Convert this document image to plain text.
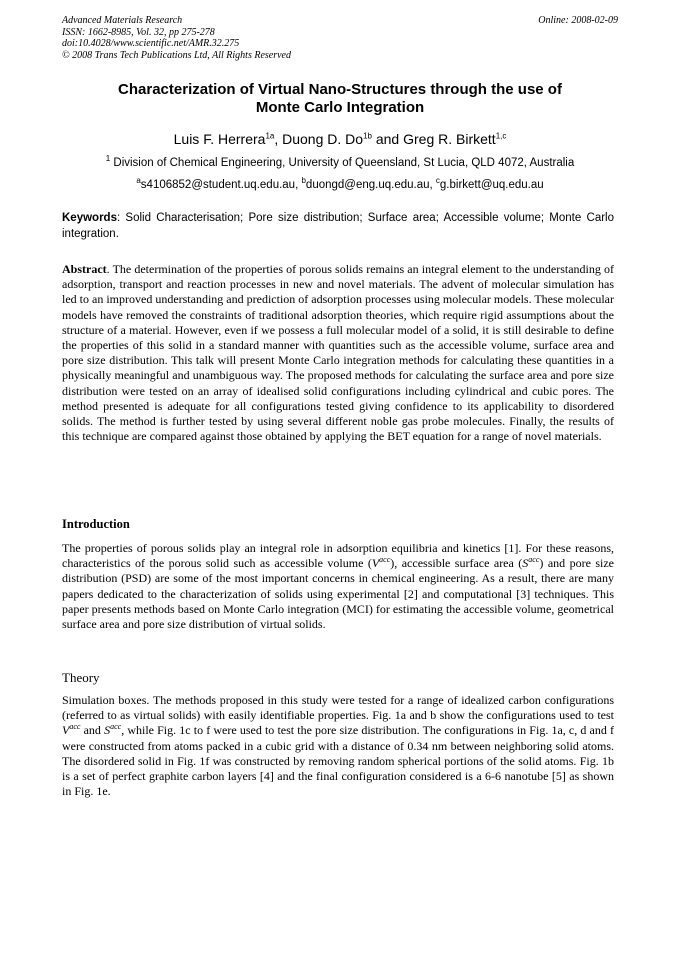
Advanced Materials Research
ISSN: 1662-8985, Vol. 32, pp 275-278
doi:10.4028/www.scientific.net/AMR.32.275
© 2008 Trans Tech Publications Ltd, All Rights Reserved
Online: 2008-02-09
Characterization of Virtual Nano-Structures through the use of
Monte Carlo Integration
Luis F. Herrera$^{1a}$, Duong D. $Do^{1b}$ and Greg R. Birkett$^{1,c}$
$^1$ Division of Chemical Engineering, University of Queensland, St Lucia, QLD 4072, Australia
$^a$s4106852@student.uq.edu.au, $^b$duongd@eng.uq.edu.au, $^c$g.birkett@uq.edu.au
Keywords: Solid Characterisation; Pore size distribution; Surface area; Accessible volume; Monte Carlo integration.
Abstract. The determination of the properties of porous solids remains an integral element to the understanding of adsorption, transport and reaction processes in new and novel materials. The advent of molecular simulation has led to an improved understanding and prediction of adsorption processes using molecular models. These molecular models have removed the constraints of traditional adsorption theories, which require rigid assumptions about the structure of a material. However, even if we possess a full molecular model of a solid, it is still desirable to define the properties of this solid in a standard manner with quantities such as the accessible volume, surface area and pore size distribution. This talk will present Monte Carlo integration methods for calculating these quantities in a physically meaningful and unambiguous way. The proposed methods for calculating the surface area and pore size distribution were tested on an array of idealised solid configurations including cylindrical and cubic pores. The method presented is adequate for all configurations tested giving confidence to its applicability to disordered solids. The method is further tested by using several different noble gas probe molecules. Finally, the results of this technique are compared against those obtained by applying the BET equation for a range of novel materials.
Introduction
The properties of porous solids play an integral role in adsorption equilibria and kinetics [1]. For these reasons, characteristics of the porous solid such as accessible volume $(V^{acc})$, accessible surface area $(S^{acc})$ and pore size distribution (PSD) are some of the most important concerns in chemical engineering. As a result, there are many papers dedicated to the characterization of solids using experimental [2] and computational [3] techniques. This paper presents methods based on Monte Carlo integration (MCI) for estimating the accessible volume, geometrical surface area and pore size distribution of virtual solids.
Theory
Simulation boxes. The methods proposed in this study were tested for a range of idealized carbon configurations (referred to as virtual solids) with easily identifiable properties. Fig. 1a and b show the configurations used to test $V^{acc}$ and $S^{acc}$, while Fig. 1c to f were used to test the pore size distribution. The configurations in Fig. 1a, c, d and f were constructed from atoms packed in a cubic grid with a distance of 0.34 nm between neighboring solid atoms. The disordered solid in Fig. 1f was constructed by removing random spherical portions of the solid atoms. Fig. 1b is a set of perfect graphite carbon layers [4] and the final configuration considered is a 6-6 nanotube [5] as shown in Fig. 1e.
